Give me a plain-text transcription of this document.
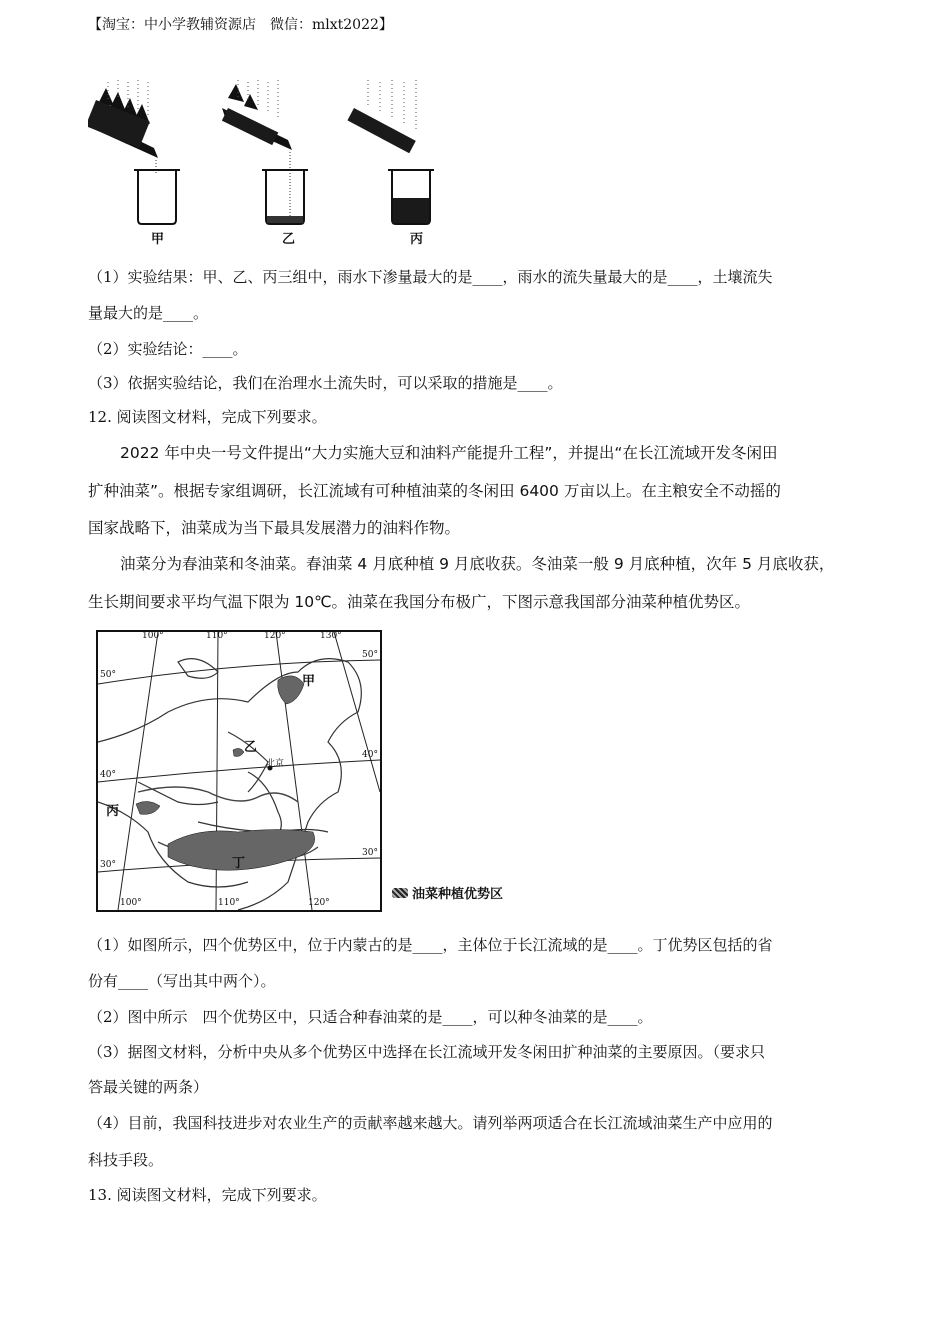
【淘宝：中小学教辅资源店　微信：mlxt2022】
甲	乙	丙
（1）实验结果：甲、乙、丙三组中，雨水下渗量最大的是____，雨水的流失量最大的是____，土壤流失
量最大的是____。
（2）实验结论：____。
（3）依据实验结论，我们在治理水土流失时，可以采取的措施是____。
12. 阅读图文材料，完成下列要求。
2022 年中央一号文件提出“大力实施大豆和油料产能提升工程”，并提出“在长江流域开发冬闲田
扩种油菜”。根据专家组调研，长江流域有可种植油菜的冬闲田 6400 万亩以上。在主粮安全不动摇的
国家战略下，油菜成为当下最具发展潜力的油料作物。
油菜分为春油菜和冬油菜。春油菜 4 月底种植 9 月底收获。冬油菜一般 9 月底种植，次年 5 月底收获，
生长期间要求平均气温下限为 10℃。油菜在我国分布极广，下图示意我国部分油菜种植优势区。
100°	110°	120°	130°
100°	110°	120°
50°
40°
30°
50°
40°
30°
甲
乙
丙
丁
北京
油菜种植优势区
（1）如图所示，四个优势区中，位于内蒙古的是____，主体位于长江流域的是____。丁优势区包括的省
份有____（写出其中两个）。
（2）图中所示　四个优势区中，只适合种春油菜的是____，可以种冬油菜的是____。
（3）据图文材料，分析中央从多个优势区中选择在长江流域开发冬闲田扩种油菜的主要原因。（要求只
答最关键的两条）
（4）目前，我国科技进步对农业生产的贡献率越来越大。请列举两项适合在长江流域油菜生产中应用的
科技手段。
13. 阅读图文材料，完成下列要求。
